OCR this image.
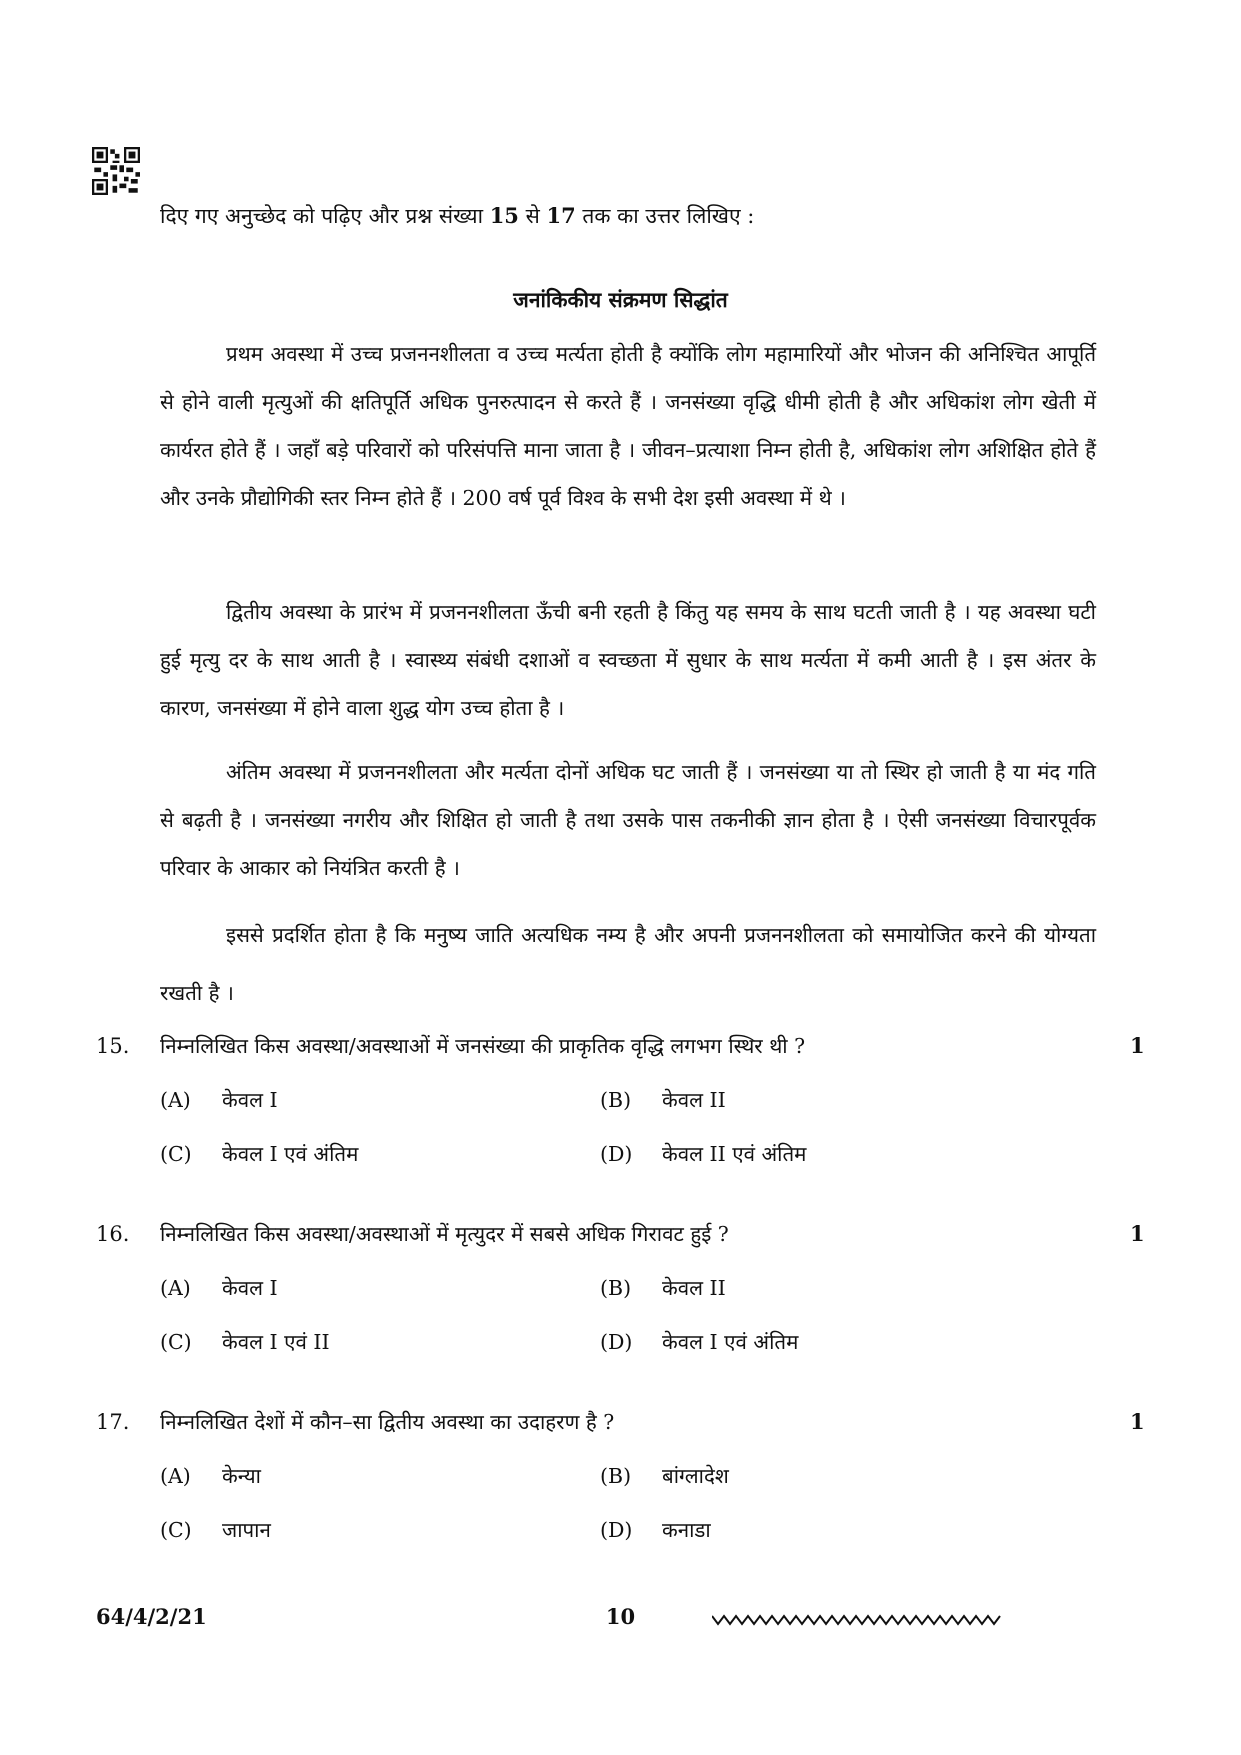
दिए गए अनुच्छेद को पढ़िए और प्रश्न संख्या 15 से 17 तक का उत्तर लिखिए :
जनांकिकीय संक्रमण सिद्धांत

प्रथम अवस्था में उच्च प्रजननशीलता व उच्च मर्त्यता होती है क्योंकि लोग महामारियों और भोजन की अनिश्चित आपूर्ति से होने वाली मृत्युओं की क्षतिपूर्ति अधिक पुनरुत्पादन से करते हैं । जनसंख्या वृद्धि धीमी होती है और अधिकांश लोग खेती में कार्यरत होते हैं । जहाँ बड़े परिवारों को परिसंपत्ति माना जाता है । जीवन–प्रत्याशा निम्न होती है, अधिकांश लोग अशिक्षित होते हैं और उनके प्रौद्योगिकी स्तर निम्न होते हैं । 200 वर्ष पूर्व विश्व के सभी देश इसी अवस्था में थे ।

द्वितीय अवस्था के प्रारंभ में प्रजननशीलता ऊँची बनी रहती है किंतु यह समय के साथ घटती जाती है । यह अवस्था घटी हुई मृत्यु दर के साथ आती है । स्वास्थ्य संबंधी दशाओं व स्वच्छता में सुधार के साथ मर्त्यता में कमी आती है । इस अंतर के कारण, जनसंख्या में होने वाला शुद्ध योग उच्च होता है ।

अंतिम अवस्था में प्रजननशीलता और मर्त्यता दोनों अधिक घट जाती हैं । जनसंख्या या तो स्थिर हो जाती है या मंद गति से बढ़ती है । जनसंख्या नगरीय और शिक्षित हो जाती है तथा उसके पास तकनीकी ज्ञान होता है । ऐसी जनसंख्या विचारपूर्वक परिवार के आकार को नियंत्रित करती है ।

इससे प्रदर्शित होता है कि मनुष्य जाति अत्यधिक नम्य है और अपनी प्रजननशीलता को समायोजित करने की योग्यता रखती है ।

15. निम्नलिखित किस अवस्था/अवस्थाओं में जनसंख्या की प्राकृतिक वृद्धि लगभग स्थिर थी ?	1
(A) केवल I	(B) केवल II
(C) केवल I एवं अंतिम	(D) केवल II एवं अंतिम
16. निम्नलिखित किस अवस्था/अवस्थाओं में मृत्युदर में सबसे अधिक गिरावट हुई ?	1
(A) केवल I	(B) केवल II
(C) केवल I एवं II	(D) केवल I एवं अंतिम
17. निम्नलिखित देशों में कौन–सा द्वितीय अवस्था का उदाहरण है ?	1
(A) केन्या	(B) बांग्लादेश
(C) जापान	(D) कनाडा
64/4/2/21	10
